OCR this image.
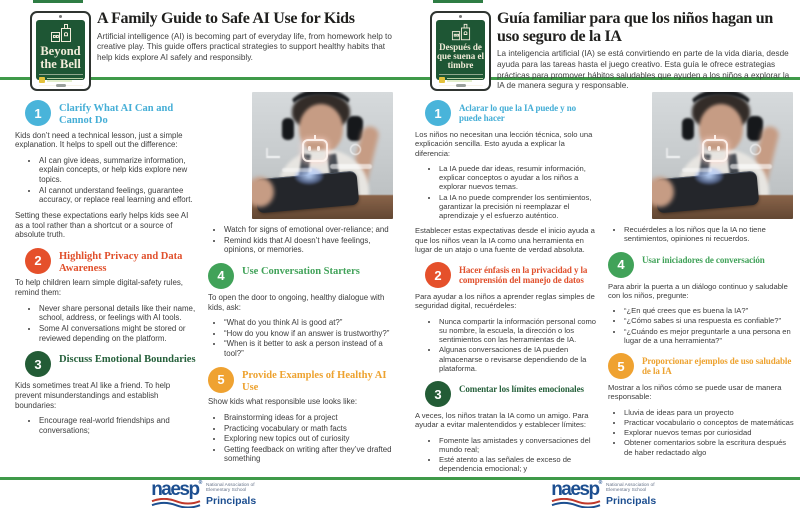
Beyond
the Bell
A Family Guide to Safe AI Use for Kids

Artificial intelligence (AI) is becoming part of everyday life, from homework help to creative play. This guide offers practical strategies to support healthy habits that help kids explore AI safely and responsibly.

1	Clarify What AI Can and Cannot Do

Kids don’t need a technical lesson, just a simple explanation. It helps to spell out the difference:

• AI can give ideas, summarize information, explain concepts, or help kids explore new topics.
• AI cannot understand feelings, guarantee accuracy, or replace real learning and effort.

Setting these expectations early helps kids see AI as a tool rather than a shortcut or a source of absolute truth.

2	Highlight Privacy and Data Awareness

To help children learn simple digital-safety rules, remind them:

• Never share personal details like their name, school, address, or feelings with AI tools.
• Some AI conversations might be stored or reviewed depending on the platform.
3	Discuss Emotional Boundaries

Kids sometimes treat AI like a friend. To help prevent misunderstandings and establish boundaries:

• Encourage real-world friendships and conversations;
• Watch for signs of emotional over-reliance; and
• Remind kids that AI doesn’t have feelings, opinions, or memories.
4	Use Conversation Starters

To open the door to ongoing, healthy dialogue with kids, ask:

• “What do you think AI is good at?”
• “How do you know if an answer is trustworthy?”
• “When is it better to ask a person instead of a tool?”
5	Provide Examples of Healthy AI Use

Show kids what responsible use looks like:

• Brainstorming ideas for a project
• Practicing vocabulary or math facts
• Exploring new topics out of curiosity
• Getting feedback on writing after they’ve drafted something
naesp® National Association of
Elementary School
Principals
Después de
que suena el
timbre
Guía familiar para que los niños hagan un uso seguro de la IA

La inteligencia artificial (IA) se está convirtiendo en parte de la vida diaria, desde ayuda para las tareas hasta el juego creativo. Esta guía le ofrece estrategias prácticas para promover hábitos saludables que ayuden a los niños a explorar la IA de manera segura y responsable.

1	Aclarar lo que la IA puede y no puede hacer

Los niños no necesitan una lección técnica, solo una explicación sencilla. Esto ayuda a explicar la diferencia:

• La IA puede dar ideas, resumir información, explicar conceptos o ayudar a los niños a explorar nuevos temas.
• La IA no puede comprender los sentimientos, garantizar la precisión ni reemplazar el aprendizaje y el esfuerzo auténtico.

Establecer estas expectativas desde el inicio ayuda a que los niños vean la IA como una herramienta en lugar de un atajo o una fuente de verdad absoluta.

2	Hacer énfasis en la privacidad y la comprensión del manejo de datos

Para ayudar a los niños a aprender reglas simples de seguridad digital, recuérdeles:

• Nunca compartir la información personal como su nombre, la escuela, la dirección o los sentimientos con las herramientas de IA.
• Algunas conversaciones de IA pueden almacenarse o revisarse dependiendo de la plataforma.
3	Comentar los límites emocionales

A veces, los niños tratan la IA como un amigo. Para ayudar a evitar malentendidos y establecer límites:

• Fomente las amistades y conversaciones del mundo real;
• Esté atento a las señales de exceso de dependencia emocional; y
• Recuérdeles a los niños que la IA no tiene sentimientos, opiniones ni recuerdos.
4	Usar iniciadores de conversación

Para abrir la puerta a un diálogo continuo y saludable con los niños, pregunte:

• “¿En qué crees que es buena la IA?”
• “¿Cómo sabes si una respuesta es confiable?”
• “¿Cuándo es mejor preguntarle a una persona en lugar de a una herramienta?”
5	Proporcionar ejemplos de uso saludable de la IA

Mostrar a los niños cómo se puede usar de manera responsable:

• Lluvia de ideas para un proyecto
• Practicar vocabulario o conceptos de matemáticas
• Explorar nuevos temas por curiosidad
• Obtener comentarios sobre la escritura después de haber redactado algo
naesp® National Association of
Elementary School
Principals
